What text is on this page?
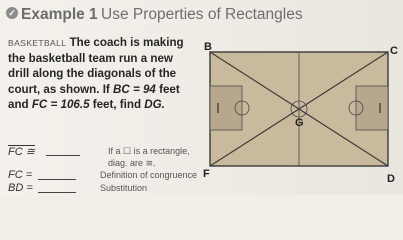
✓ Example 1 Use Properties of Rectangles
BASKETBALL The coach is making
the basketball team run a new
drill along the diagonals of the
court, as shown. If BC = 94 feet
and FC = 106.5 feet, find DG.
FC ≅	If a ☐ is a rectangle,
diag. are ≅.
FC =	Definition of congruence
BD =	Substitution
B	C
G
F	D
